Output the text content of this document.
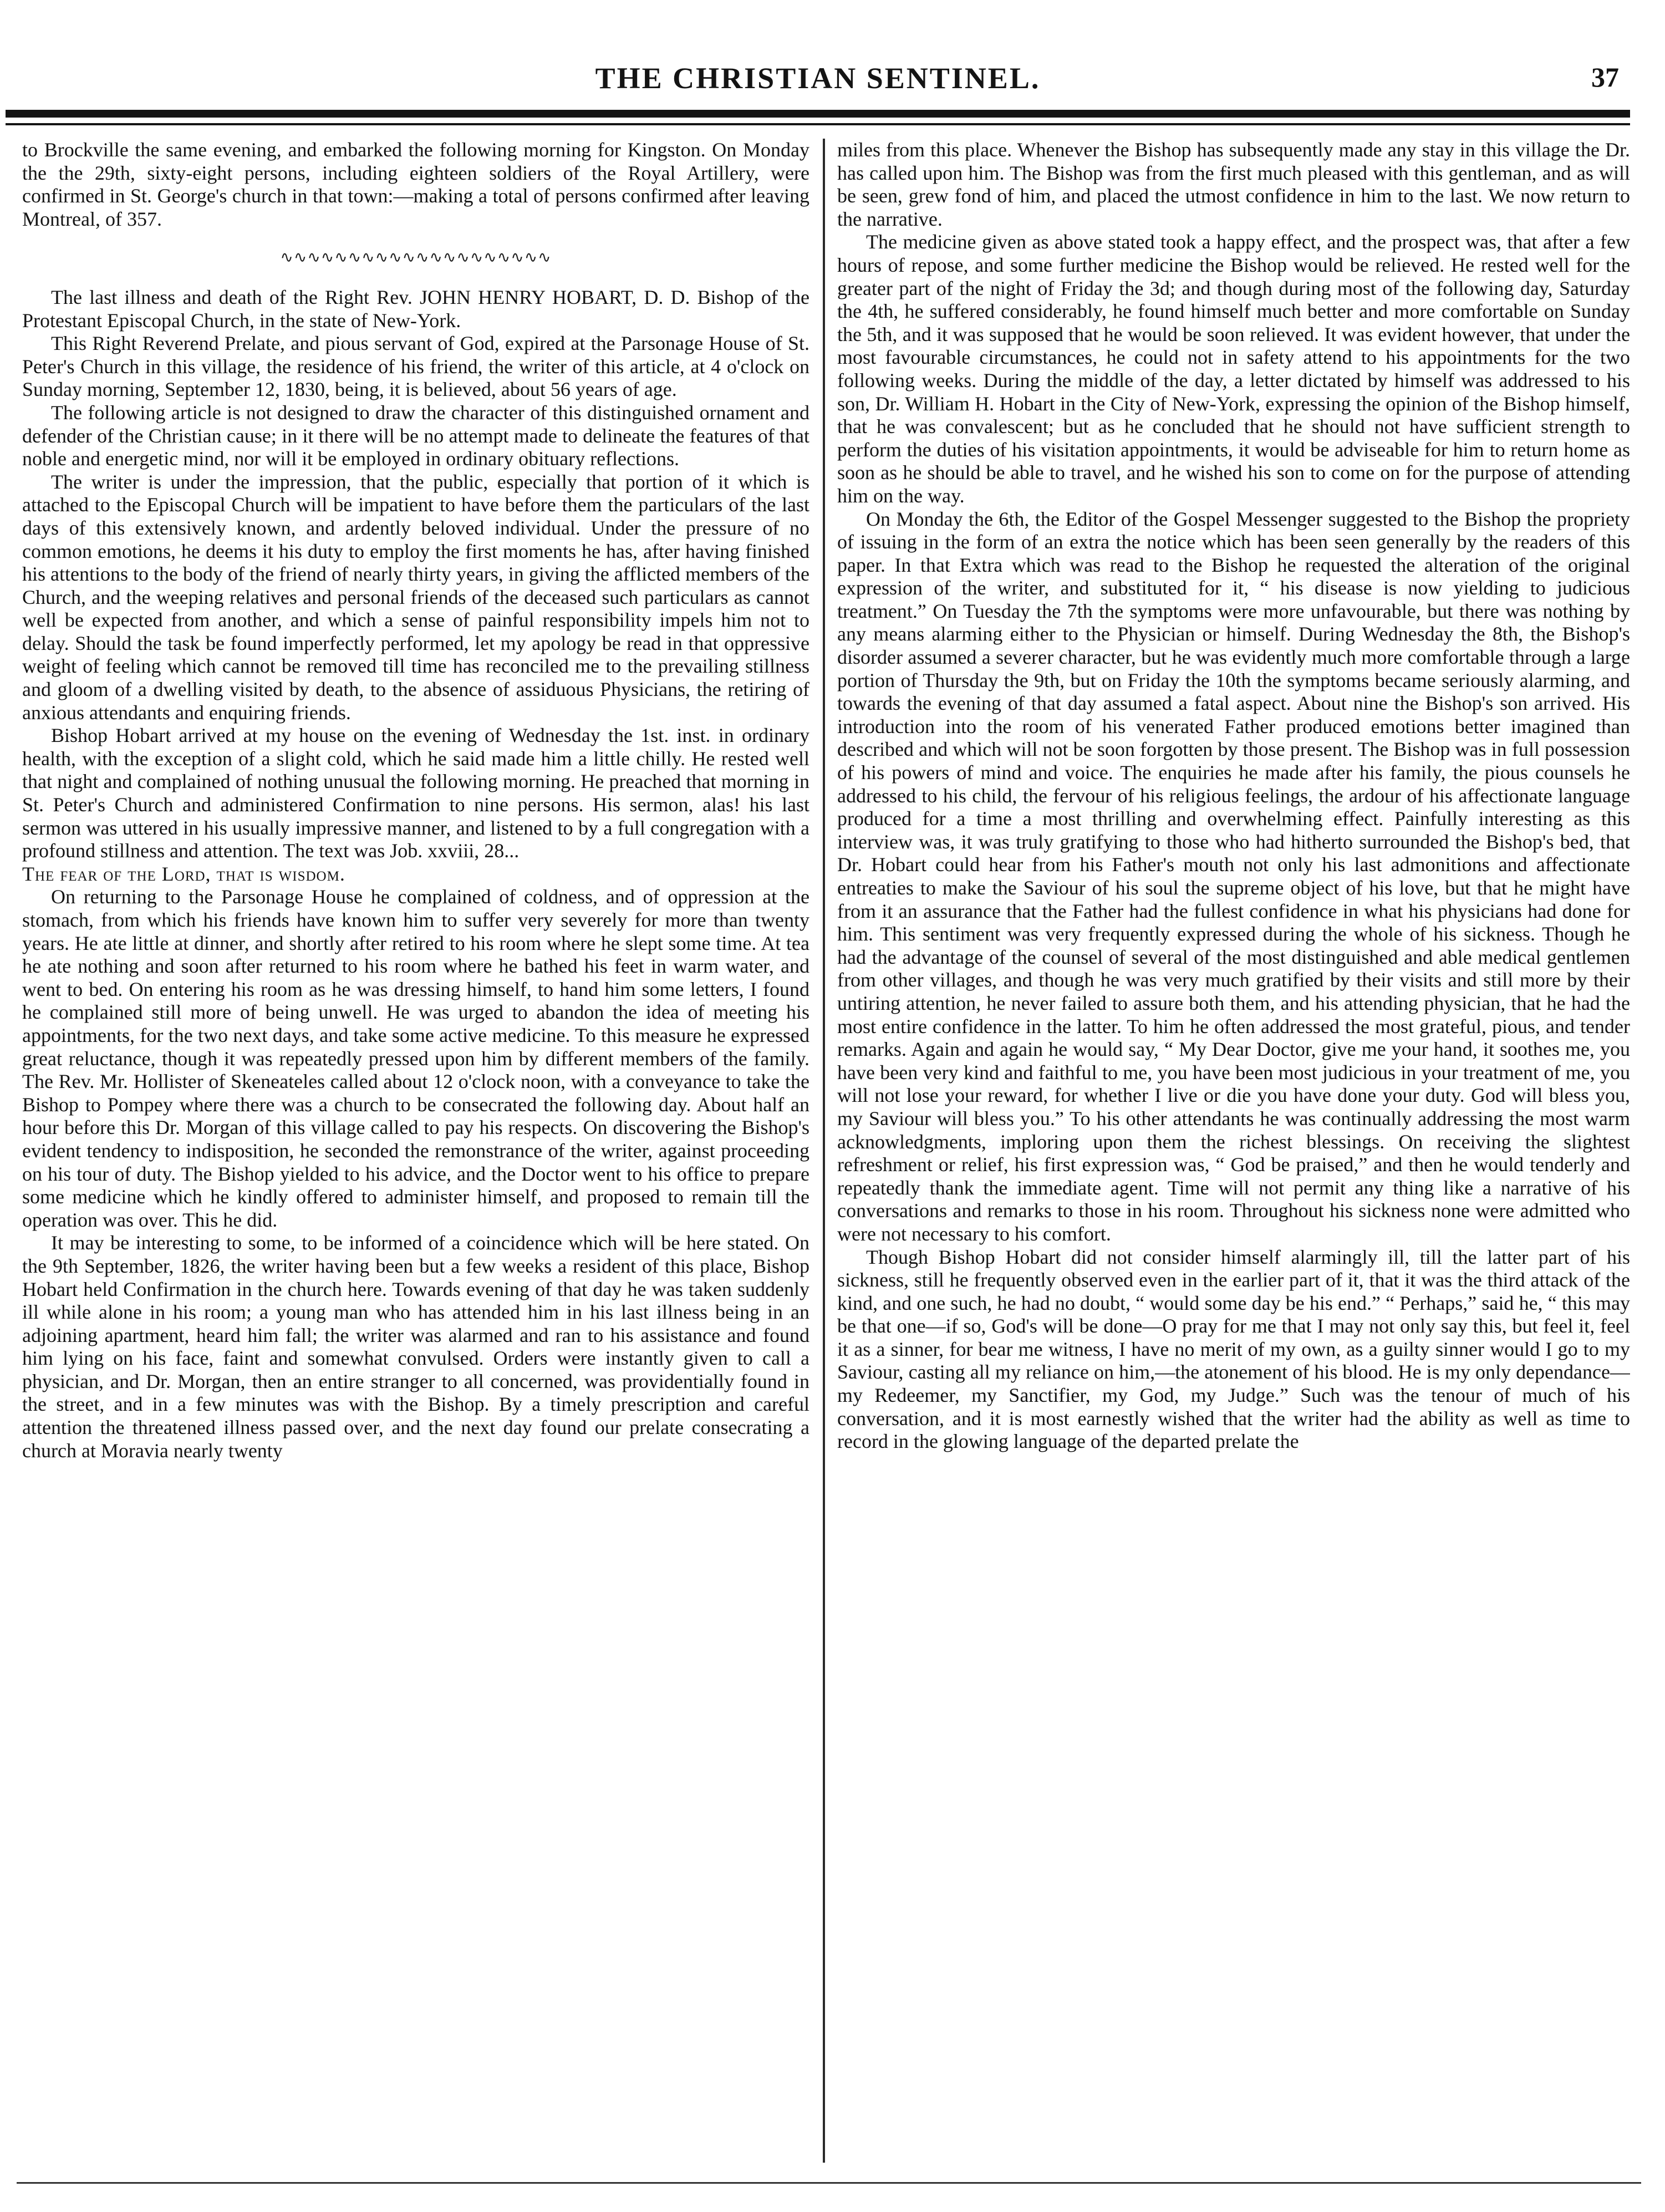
THE CHRISTIAN SENTINEL.	37

to Brockville the same evening, and embarked the following morning for Kingston. On Monday the the 29th, sixty-eight persons, including eighteen soldiers of the Royal Artillery, were confirmed in St. George's church in that town:—making a total of persons confirmed after leaving Montreal, of 357.

∿∿∿∿∿∿∿∿∿∿∿∿∿∿∿∿∿∿∿∿

The last illness and death of the Right Rev. JOHN HENRY HOBART, D. D. Bishop of the Protestant Episcopal Church, in the state of New-York.

This Right Reverend Prelate, and pious servant of God, expired at the Parsonage House of St. Peter's Church in this village, the residence of his friend, the writer of this article, at 4 o'clock on Sunday morning, September 12, 1830, being, it is believed, about 56 years of age.

The following article is not designed to draw the character of this distinguished ornament and defender of the Christian cause; in it there will be no attempt made to delineate the features of that noble and energetic mind, nor will it be employed in ordinary obituary reflections.

The writer is under the impression, that the public, especially that portion of it which is attached to the Episcopal Church will be impatient to have before them the particulars of the last days of this extensively known, and ardently beloved individual. Under the pressure of no common emotions, he deems it his duty to employ the first moments he has, after having finished his attentions to the body of the friend of nearly thirty years, in giving the afflicted members of the Church, and the weeping relatives and personal friends of the deceased such particulars as cannot well be expected from another, and which a sense of painful responsibility impels him not to delay. Should the task be found imperfectly performed, let my apology be read in that oppressive weight of feeling which cannot be removed till time has reconciled me to the prevailing stillness and gloom of a dwelling visited by death, to the absence of assiduous Physicians, the retiring of anxious attendants and enquiring friends.

Bishop Hobart arrived at my house on the evening of Wednesday the 1st. inst. in ordinary health, with the exception of a slight cold, which he said made him a little chilly. He rested well that night and complained of nothing unusual the following morning. He preached that morning in St. Peter's Church and administered Confirmation to nine persons. His sermon, alas! his last sermon was uttered in his usually impressive manner, and listened to by a full congregation with a profound stillness and attention. The text was Job. xxviii, 28...

The fear of the Lord, that is wisdom.

On returning to the Parsonage House he complained of coldness, and of oppression at the stomach, from which his friends have known him to suffer very severely for more than twenty years. He ate little at dinner, and shortly after retired to his room where he slept some time. At tea he ate nothing and soon after returned to his room where he bathed his feet in warm water, and went to bed. On entering his room as he was dressing himself, to hand him some letters, I found he complained still more of being unwell. He was urged to abandon the idea of meeting his appointments, for the two next days, and take some active medicine. To this measure he expressed great reluctance, though it was repeatedly pressed upon him by different members of the family. The Rev. Mr. Hollister of Skeneateles called about 12 o'clock noon, with a conveyance to take the Bishop to Pompey where there was a church to be consecrated the following day. About half an hour before this Dr. Morgan of this village called to pay his respects. On discovering the Bishop's evident tendency to indisposition, he seconded the remonstrance of the writer, against proceeding on his tour of duty. The Bishop yielded to his advice, and the Doctor went to his office to prepare some medicine which he kindly offered to administer himself, and proposed to remain till the operation was over. This he did.

It may be interesting to some, to be informed of a coincidence which will be here stated. On the 9th September, 1826, the writer having been but a few weeks a resident of this place, Bishop Hobart held Confirmation in the church here. Towards evening of that day he was taken suddenly ill while alone in his room; a young man who has attended him in his last illness being in an adjoining apartment, heard him fall; the writer was alarmed and ran to his assistance and found him lying on his face, faint and somewhat convulsed. Orders were instantly given to call a physician, and Dr. Morgan, then an entire stranger to all concerned, was providentially found in the street, and in a few minutes was with the Bishop. By a timely prescription and careful attention the threatened illness passed over, and the next day found our prelate consecrating a church at Moravia nearly twenty

miles from this place. Whenever the Bishop has subsequently made any stay in this village the Dr. has called upon him. The Bishop was from the first much pleased with this gentleman, and as will be seen, grew fond of him, and placed the utmost confidence in him to the last. We now return to the narrative.

The medicine given as above stated took a happy effect, and the prospect was, that after a few hours of repose, and some further medicine the Bishop would be relieved. He rested well for the greater part of the night of Friday the 3d; and though during most of the following day, Saturday the 4th, he suffered considerably, he found himself much better and more comfortable on Sunday the 5th, and it was supposed that he would be soon relieved. It was evident however, that under the most favourable circumstances, he could not in safety attend to his appointments for the two following weeks. During the middle of the day, a letter dictated by himself was addressed to his son, Dr. William H. Hobart in the City of New-York, expressing the opinion of the Bishop himself, that he was convalescent; but as he concluded that he should not have sufficient strength to perform the duties of his visitation appointments, it would be adviseable for him to return home as soon as he should be able to travel, and he wished his son to come on for the purpose of attending him on the way.

On Monday the 6th, the Editor of the Gospel Messenger suggested to the Bishop the propriety of issuing in the form of an extra the notice which has been seen generally by the readers of this paper. In that Extra which was read to the Bishop he requested the alteration of the original expression of the writer, and substituted for it, “ his disease is now yielding to judicious treatment.” On Tuesday the 7th the symptoms were more unfavourable, but there was nothing by any means alarming either to the Physician or himself. During Wednesday the 8th, the Bishop's disorder assumed a severer character, but he was evidently much more comfortable through a large portion of Thursday the 9th, but on Friday the 10th the symptoms became seriously alarming, and towards the evening of that day assumed a fatal aspect. About nine the Bishop's son arrived. His introduction into the room of his venerated Father produced emotions better imagined than described and which will not be soon forgotten by those present. The Bishop was in full possession of his powers of mind and voice. The enquiries he made after his family, the pious counsels he addressed to his child, the fervour of his religious feelings, the ardour of his affectionate language produced for a time a most thrilling and overwhelming effect. Painfully interesting as this interview was, it was truly gratifying to those who had hitherto surrounded the Bishop's bed, that Dr. Hobart could hear from his Father's mouth not only his last admonitions and affectionate entreaties to make the Saviour of his soul the supreme object of his love, but that he might have from it an assurance that the Father had the fullest confidence in what his physicians had done for him. This sentiment was very frequently expressed during the whole of his sickness. Though he had the advantage of the counsel of several of the most distinguished and able medical gentlemen from other villages, and though he was very much gratified by their visits and still more by their untiring attention, he never failed to assure both them, and his attending physician, that he had the most entire confidence in the latter. To him he often addressed the most grateful, pious, and tender remarks. Again and again he would say, “ My Dear Doctor, give me your hand, it soothes me, you have been very kind and faithful to me, you have been most judicious in your treatment of me, you will not lose your reward, for whether I live or die you have done your duty. God will bless you, my Saviour will bless you.” To his other attendants he was continually addressing the most warm acknowledgments, imploring upon them the richest blessings. On receiving the slightest refreshment or relief, his first expression was, “ God be praised,” and then he would tenderly and repeatedly thank the immediate agent. Time will not permit any thing like a narrative of his conversations and remarks to those in his room. Throughout his sickness none were admitted who were not necessary to his comfort.

Though Bishop Hobart did not consider himself alarmingly ill, till the latter part of his sickness, still he frequently observed even in the earlier part of it, that it was the third attack of the kind, and one such, he had no doubt, “ would some day be his end.” “ Perhaps,” said he, “ this may be that one—if so, God's will be done—O pray for me that I may not only say this, but feel it, feel it as a sinner, for bear me witness, I have no merit of my own, as a guilty sinner would I go to my Saviour, casting all my reliance on him,—the atonement of his blood. He is my only dependance—my Redeemer, my Sanctifier, my God, my Judge.” Such was the tenour of much of his conversation, and it is most earnestly wished that the writer had the ability as well as time to record in the glowing language of the departed prelate the
